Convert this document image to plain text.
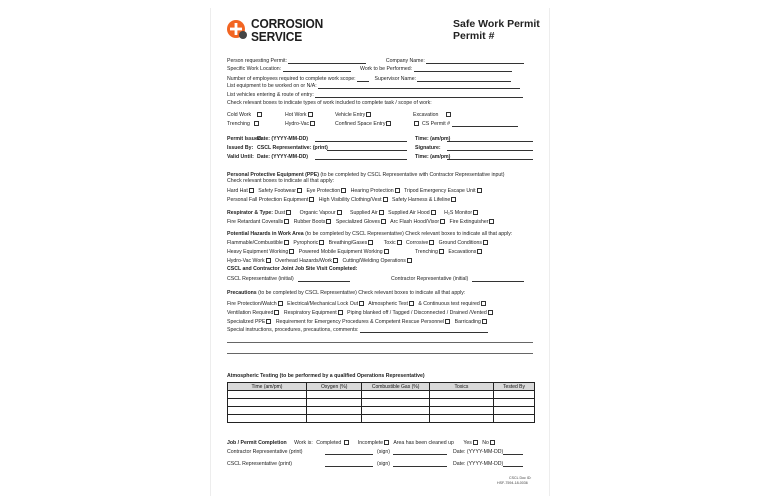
CORROSION
SERVICE
Safe Work Permit
Permit #
Person requesting Permit:	Company Name:
Specific Work Location:	Work to be Performed:
Number of employees required to complete work scope:	Supervisor Name:
List equipment to be worked on or N/A:
List vehicles entering & route of entry:
Check relevant boxes to indicate types of work included to complete task / scope of work:
Cold Work	Hot Work	Vehicle Entry	Excavation
Trenching	Hydro-Vac	Confined Space Entry	CS Permit #
Permit Issued:
Date: (YYYY-MM-DD)	Time: (am/pm)
Issued By: CSCL Representative: (print)	Signature:
Valid Until: Date: (YYYY-MM-DD)	Time: (am/pm)
Personal Protective Equipment (PPE) (to be completed by CSCL Representative with Contractor Representative input)
Check relevant boxes to indicate all that apply:
Hard Hat Safety Footwear Eye Protection Hearing Protection Tripod Emergency Escape Unit
Personal Fall Protection Equipment High Visibility Clothing/Vest Safety Harness & Lifeline
Respirator & Type: Dust	Organic Vapour	Supplied Air Supplied Air Hood	H₂S Monitor
Fire Retardant Coveralls Rubber Boots Specialized Gloves Arc Flash Hood/Visor Fire Extinguisher
Potential Hazards in Work Area (to be completed by CSCL Representative) Check relevant boxes to indicate all that apply:
Flammable/Combustible Pyrophoric Breathing/Gases	Toxic Corrosive Ground Conditions
Heavy Equipment Working Powered Mobile Equipment Working	Trenching Excavations
Hydro-Vac Work Overhead Hazards/Work Cutting/Welding Operations
CSCL and Contractor Joint Job Site Visit Completed:
CSCL Representative (initial)	Contractor Representative (initial)
Precautions (to be completed by CSCL Representative) Check relevant boxes to indicate all that apply:
Fire Protection/Watch Electrical/Mechanical Lock Out Atmospheric Test & Continuous test required
Ventilation Required Respiratory Equipment Piping blanked off / Tagged / Disconnected / Drained /Vented
Specialized PPE Requirement for Emergency Procedures & Competent Rescue Personnel Barricading
Special instructions, procedures, precautions, comments:
Atmospheric Testing (to be performed by a qualified Operations Representative)
Time (am/pm)	Oxygen (%)	Combustible Gas (%)	Toxics	Tested By

Job / Permit Completion Work is: Completed	Incomplete Area has been cleaned up Yes No
Contractor Representative (print)	(sign)	Date: (YYYY-MM-DD)
CSCL Representative (print)	(sign)	Date: (YYYY-MM-DD)
CSCL Doc ID:
HSF-7594-18-0036
